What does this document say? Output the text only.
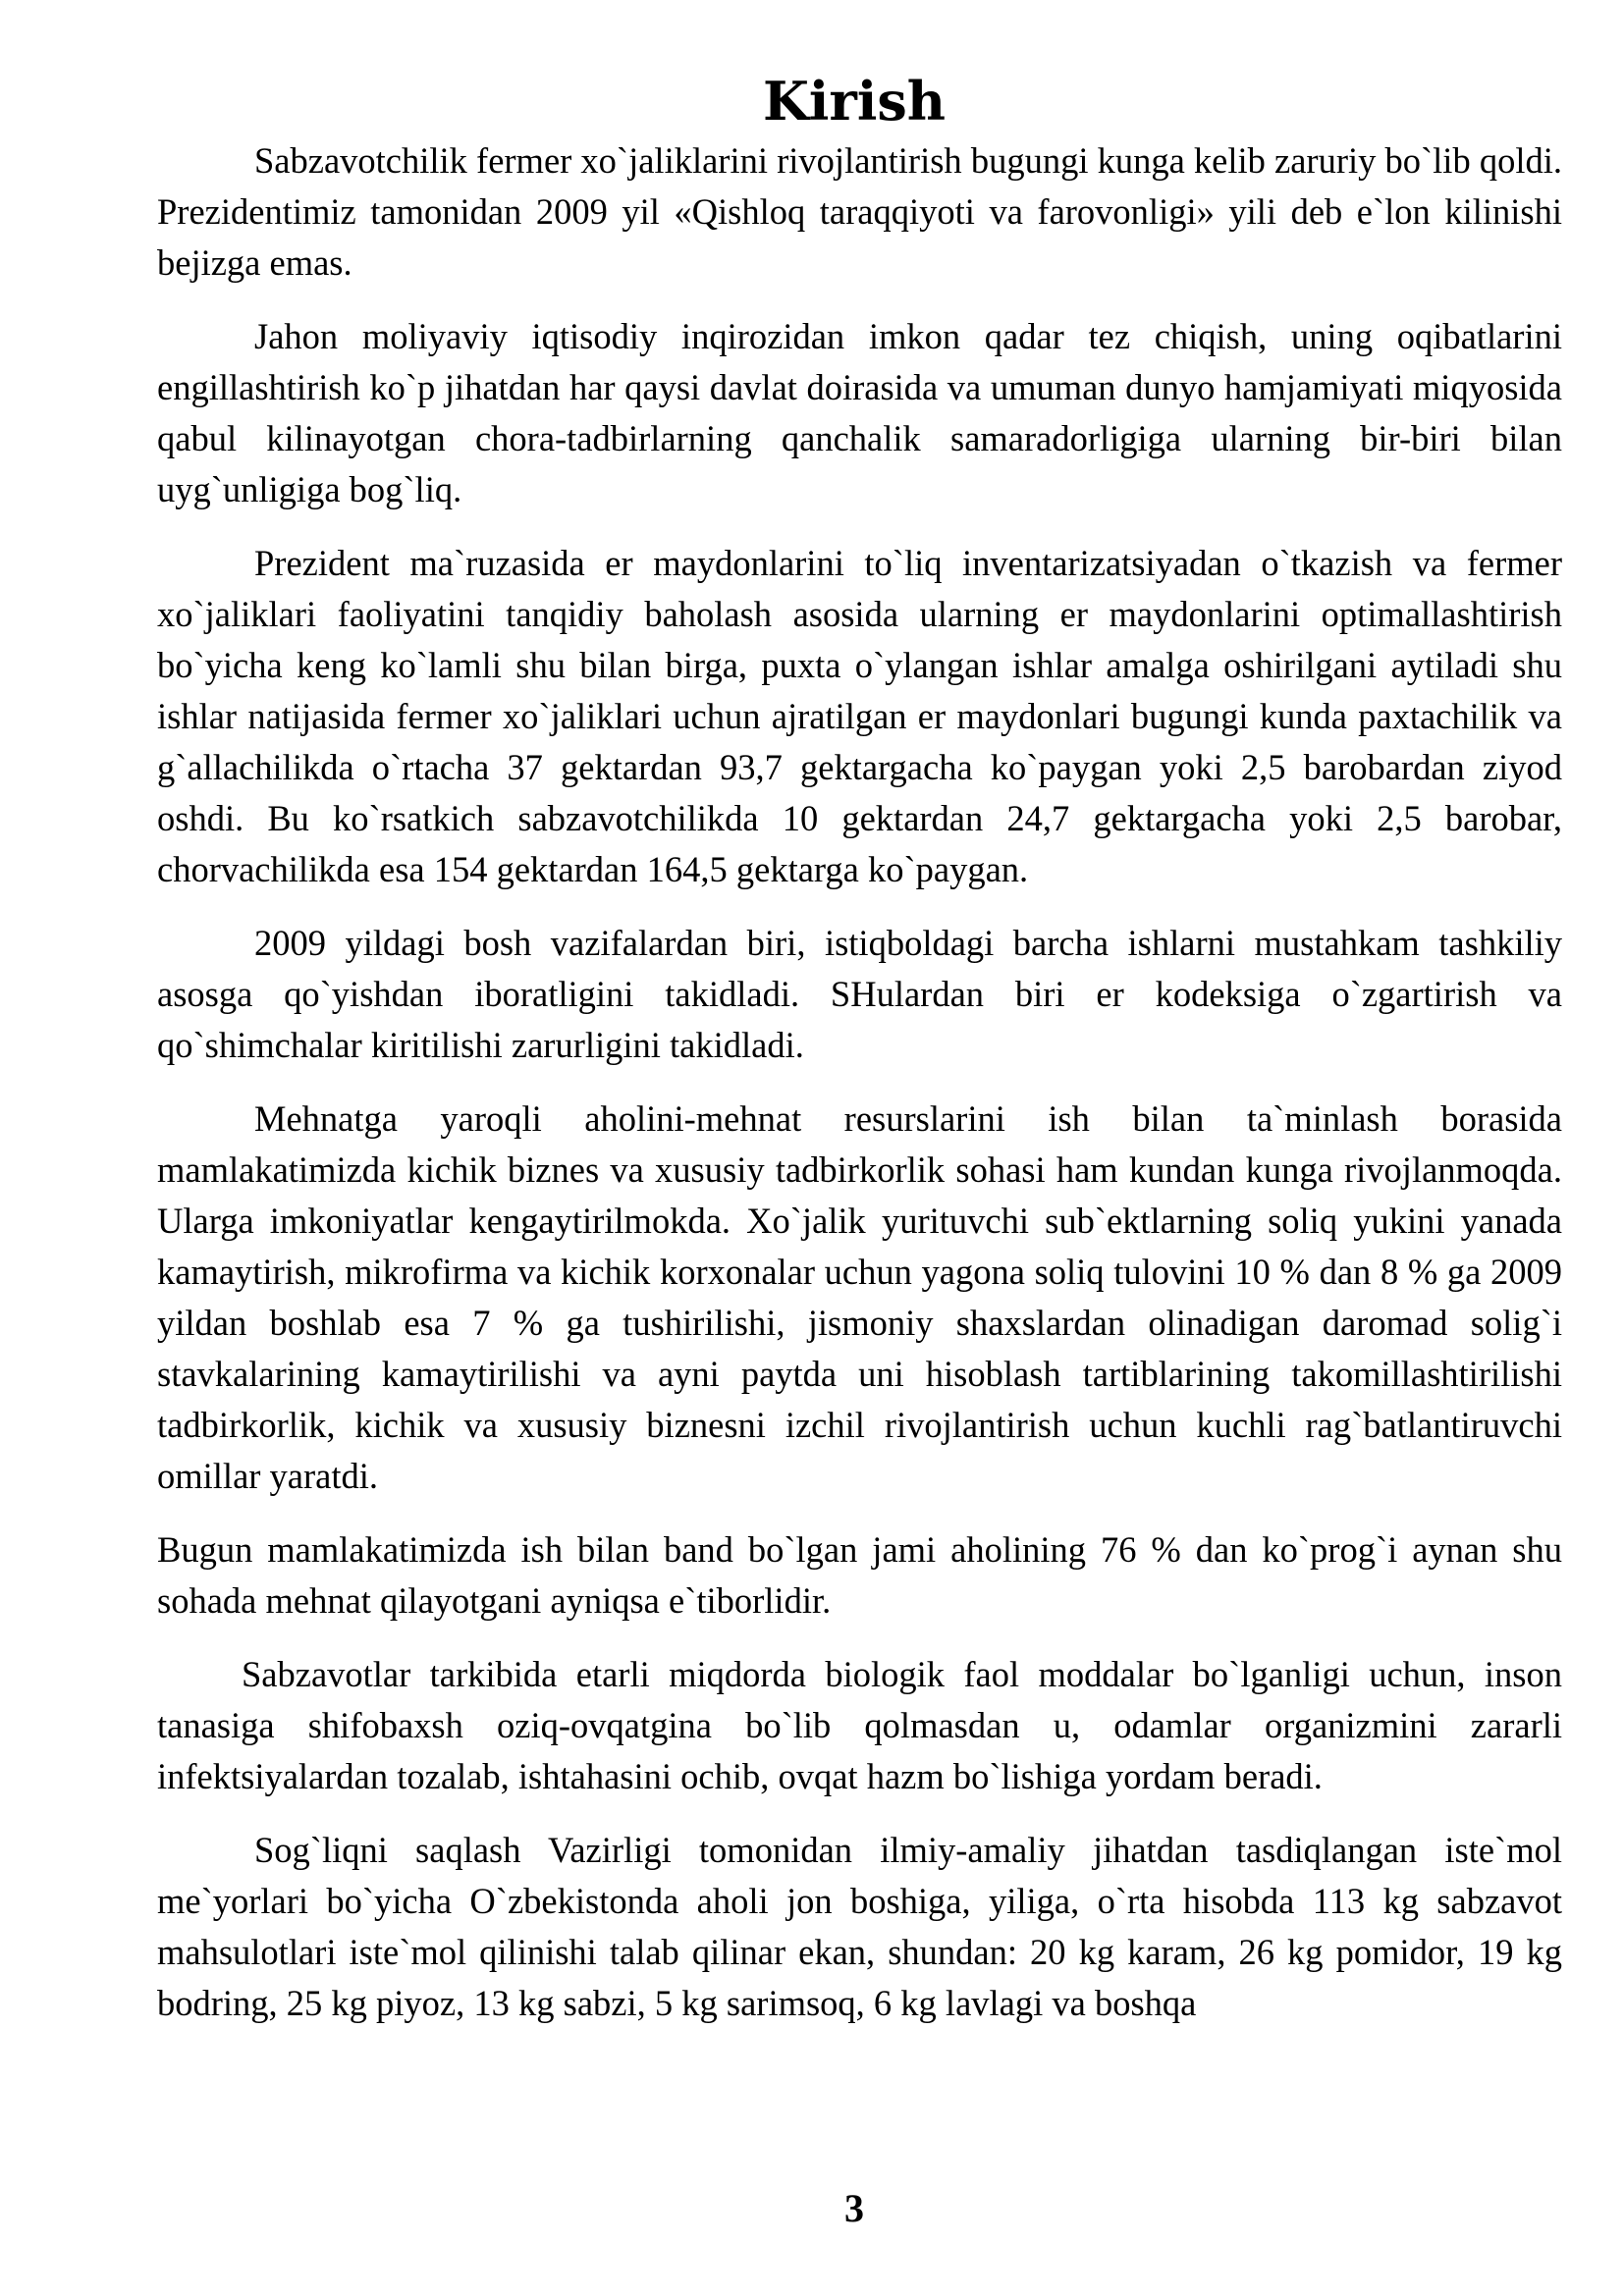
Kirish

Sabzavotchilik fermer xo`jaliklarini rivojlantirish bugungi kunga kelib zaruriy bo`lib qoldi. Prezidentimiz tamonidan 2009 yil «Qishloq taraqqiyoti va farovonligi» yili deb e`lon kilinishi bejizga emas.

Jahon moliyaviy iqtisodiy inqirozidan imkon qadar tez chiqish, uning oqibatlarini engillashtirish ko`p jihatdan har qaysi davlat doirasida va umuman dunyo hamjamiyati miqyosida qabul kilinayotgan chora-tadbirlarning qanchalik samaradorligiga ularning bir-biri bilan uyg`unligiga bog`liq.

Prezident ma`ruzasida er maydonlarini to`liq inventarizatsiyadan o`tkazish va fermer xo`jaliklari faoliyatini tanqidiy baholash asosida ularning er maydonlarini optimallashtirish bo`yicha keng ko`lamli shu bilan birga, puxta o`ylangan ishlar amalga oshirilgani aytiladi shu ishlar natijasida fermer xo`jaliklari uchun ajratilgan er maydonlari bugungi kunda paxtachilik va g`allachilikda o`rtacha 37 gektardan 93,7 gektargacha ko`paygan yoki 2,5 barobardan ziyod oshdi. Bu ko`rsatkich sabzavotchilikda 10 gektardan 24,7 gektargacha yoki 2,5 barobar, chorvachilikda esa 154 gektardan 164,5 gektarga ko`paygan.

2009 yildagi bosh vazifalardan biri, istiqboldagi barcha ishlarni mustahkam tashkiliy asosga qo`yishdan iboratligini takidladi. SHulardan biri er kodeksiga o`zgartirish va qo`shimchalar kiritilishi zarurligini takidladi.

Mehnatga yaroqli aholini-mehnat resurslarini ish bilan ta`minlash borasida mamlakatimizda kichik biznes va xususiy tadbirkorlik sohasi ham kundan kunga rivojlanmoqda. Ularga imkoniyatlar kengaytirilmokda. Xo`jalik yurituvchi sub`ektlarning soliq yukini yanada kamaytirish, mikrofirma va kichik korxonalar uchun yagona soliq tulovini 10 % dan 8 % ga 2009 yildan boshlab esa 7 % ga tushirilishi, jismoniy shaxslardan olinadigan daromad solig`i stavkalarining kamaytirilishi va ayni paytda uni hisoblash tartiblarining takomillashtirilishi tadbirkorlik, kichik va xususiy biznesni izchil rivojlantirish uchun kuchli rag`batlantiruvchi omillar yaratdi.

Bugun mamlakatimizda ish bilan band bo`lgan jami aholining 76 % dan ko`prog`i aynan shu sohada mehnat qilayotgani ayniqsa e`tiborlidir.

Sabzavotlar tarkibida etarli miqdorda biologik faol moddalar bo`lganligi uchun, inson tanasiga shifobaxsh oziq-ovqatgina bo`lib qolmasdan u, odamlar organizmini zararli infektsiyalardan tozalab, ishtahasini ochib, ovqat hazm bo`lishiga yordam beradi.

Sog`liqni saqlash Vazirligi tomonidan ilmiy-amaliy jihatdan tasdiqlangan iste`mol me`yorlari bo`yicha O`zbekistonda aholi jon boshiga, yiliga, o`rta hisobda 113 kg sabzavot mahsulotlari iste`mol qilinishi talab qilinar ekan, shundan: 20 kg karam, 26 kg pomidor, 19 kg bodring, 25 kg piyoz, 13 kg sabzi, 5 kg sarimsoq, 6 kg lavlagi va boshqa

3
